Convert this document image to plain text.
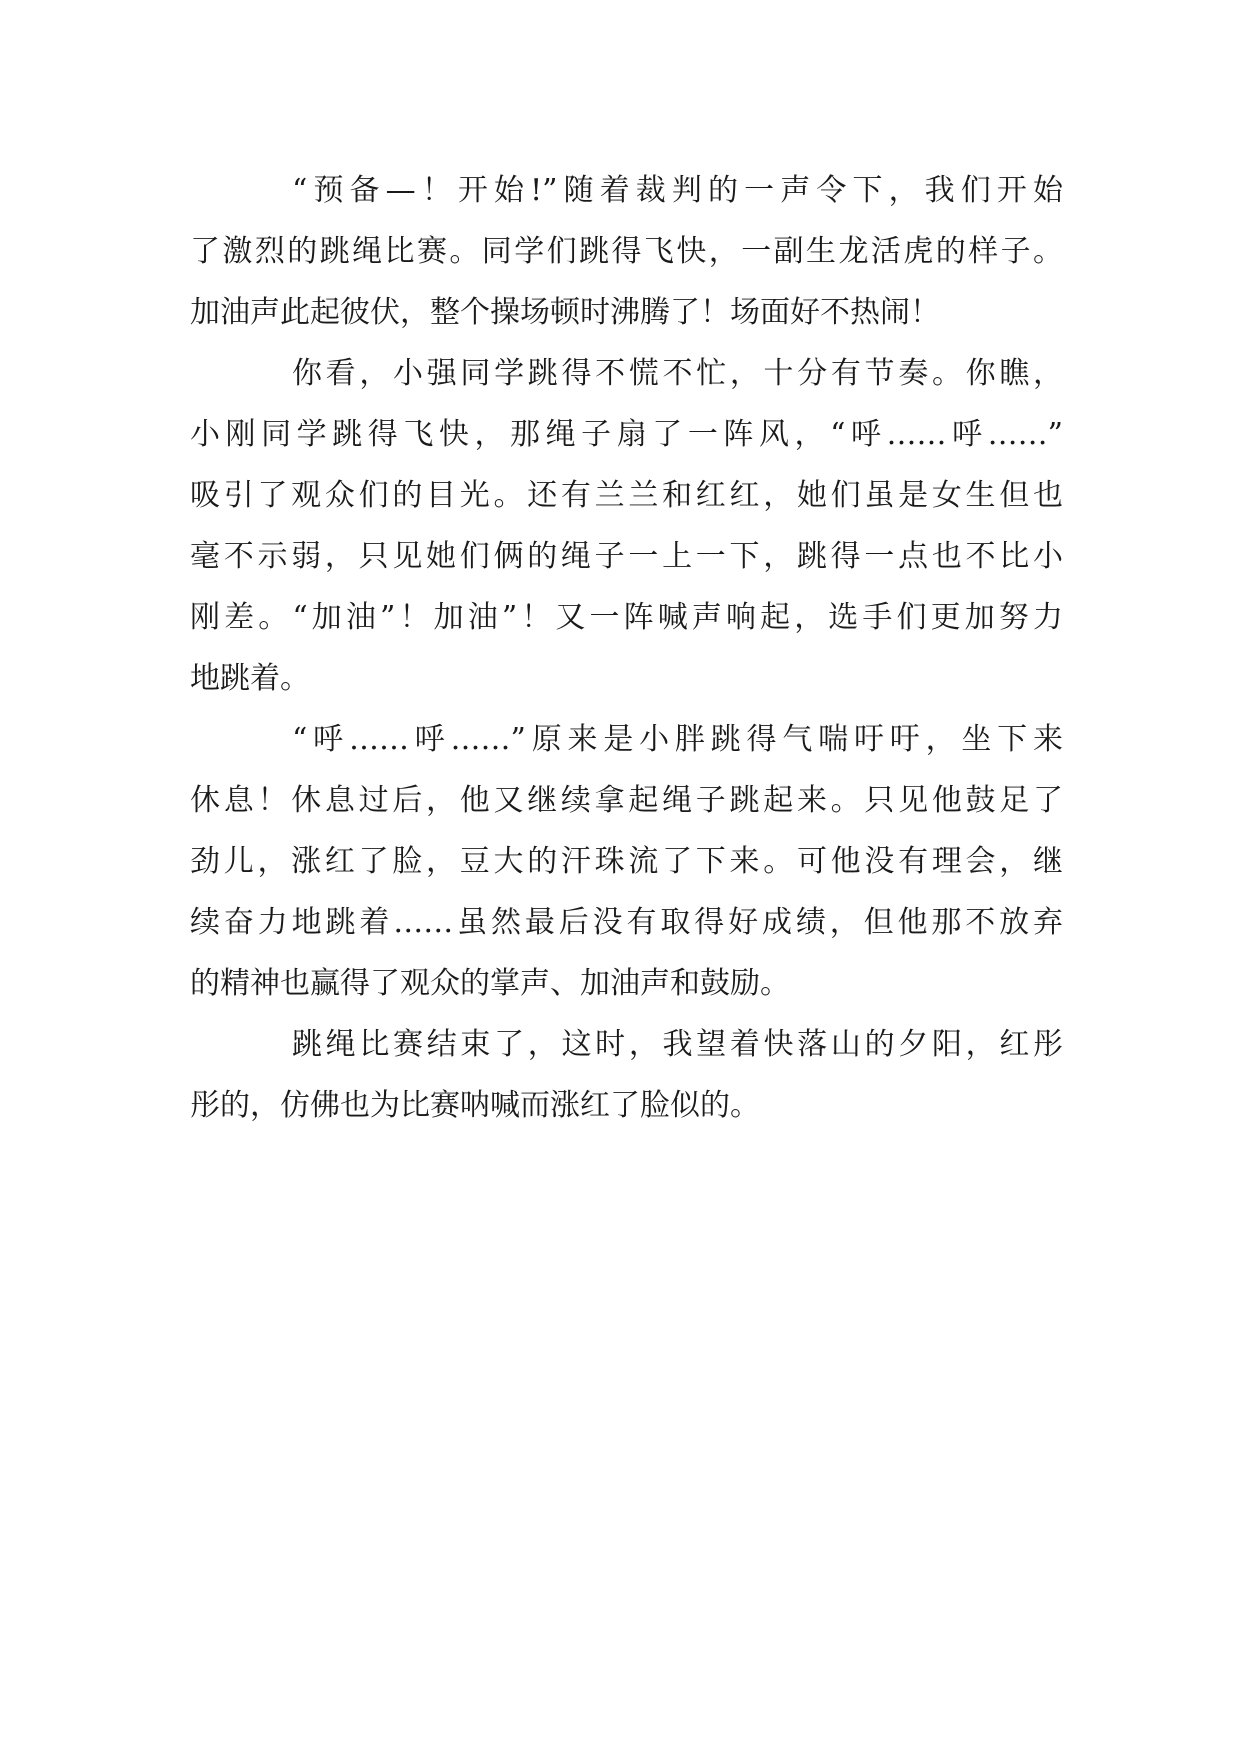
“预备—！开始!”随着裁判的一声令下，我们开始
了激烈的跳绳比赛。同学们跳得飞快，一副生龙活虎的样子。
加油声此起彼伏，整个操场顿时沸腾了！场面好不热闹！
你看，小强同学跳得不慌不忙，十分有节奏。你瞧，
小刚同学跳得飞快，那绳子扇了一阵风，“呼……呼……”
吸引了观众们的目光。还有兰兰和红红，她们虽是女生但也
毫不示弱，只见她们俩的绳子一上一下，跳得一点也不比小
刚差。“加油”！加油”！又一阵喊声响起，选手们更加努力
地跳着。
“呼……呼……”原来是小胖跳得气喘吁吁，坐下来
休息！休息过后，他又继续拿起绳子跳起来。只见他鼓足了
劲儿，涨红了脸，豆大的汗珠流了下来。可他没有理会，继
续奋力地跳着……虽然最后没有取得好成绩，但他那不放弃
的精神也赢得了观众的掌声、加油声和鼓励。
跳绳比赛结束了，这时，我望着快落山的夕阳，红彤
彤的，仿佛也为比赛呐喊而涨红了脸似的。
